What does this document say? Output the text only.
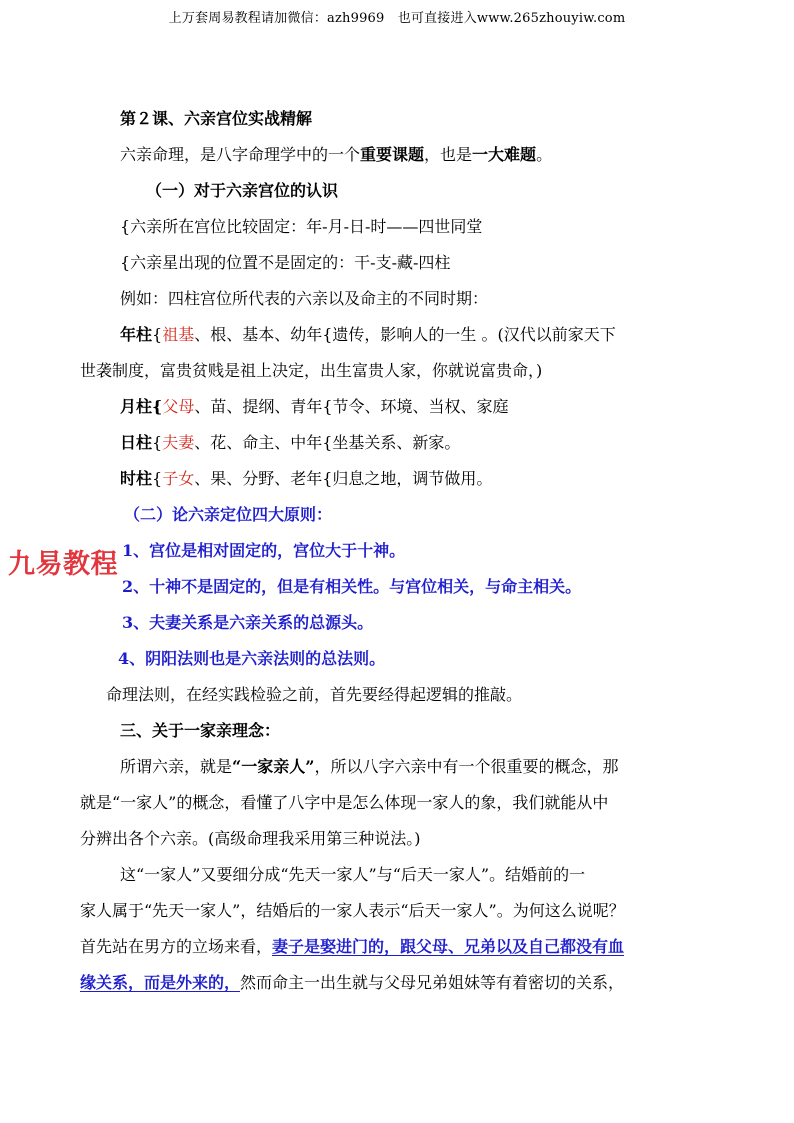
上万套周易教程请加微信：azh9969　也可直接进入www.265zhouyiw.com
第２课、六亲宫位实战精解
六亲命理，是八字命理学中的一个重要课题，也是一大难题。
（一）对于六亲宫位的认识
{六亲所在宫位比较固定：年-月-日-时——四世同堂
{六亲星出现的位置不是固定的：干-支-藏-四柱
例如：四柱宫位所代表的六亲以及命主的不同时期：
年柱{祖基、根、基本、幼年{遗传，影响人的一生 。(汉代以前家天下
世袭制度，富贵贫贱是祖上决定，出生富贵人家，你就说富贵命，)
月柱{父母、苗、提纲、青年{节令、环境、当权、家庭
日柱{夫妻、花、命主、中年{坐基关系、新家。
时柱{子女、果、分野、老年{归息之地，调节做用。
（二）论六亲定位四大原则：
1、宫位是相对固定的，宫位大于十神。
2、十神不是固定的，但是有相关性。与宫位相关，与命主相关。
3、夫妻关系是六亲关系的总源头。
4、阴阳法则也是六亲法则的总法则。
九易教程
命理法则，在经实践检验之前，首先要经得起逻辑的推敲。
三、关于一家亲理念：
所谓六亲，就是“一家亲人”，所以八字六亲中有一个很重要的概念，那
就是“一家人”的概念，看懂了八字中是怎么体现一家人的象，我们就能从中
分辨出各个六亲。(高级命理我采用第三种说法。)
这“一家人”又要细分成“先天一家人”与“后天一家人”。结婚前的一
家人属于“先天一家人”，结婚后的一家人表示“后天一家人”。为何这么说呢？
首先站在男方的立场来看，妻子是娶进门的，跟父母、兄弟以及自己都没有血
缘关系，而是外来的，然而命主一出生就与父母兄弟姐妹等有着密切的关系，
